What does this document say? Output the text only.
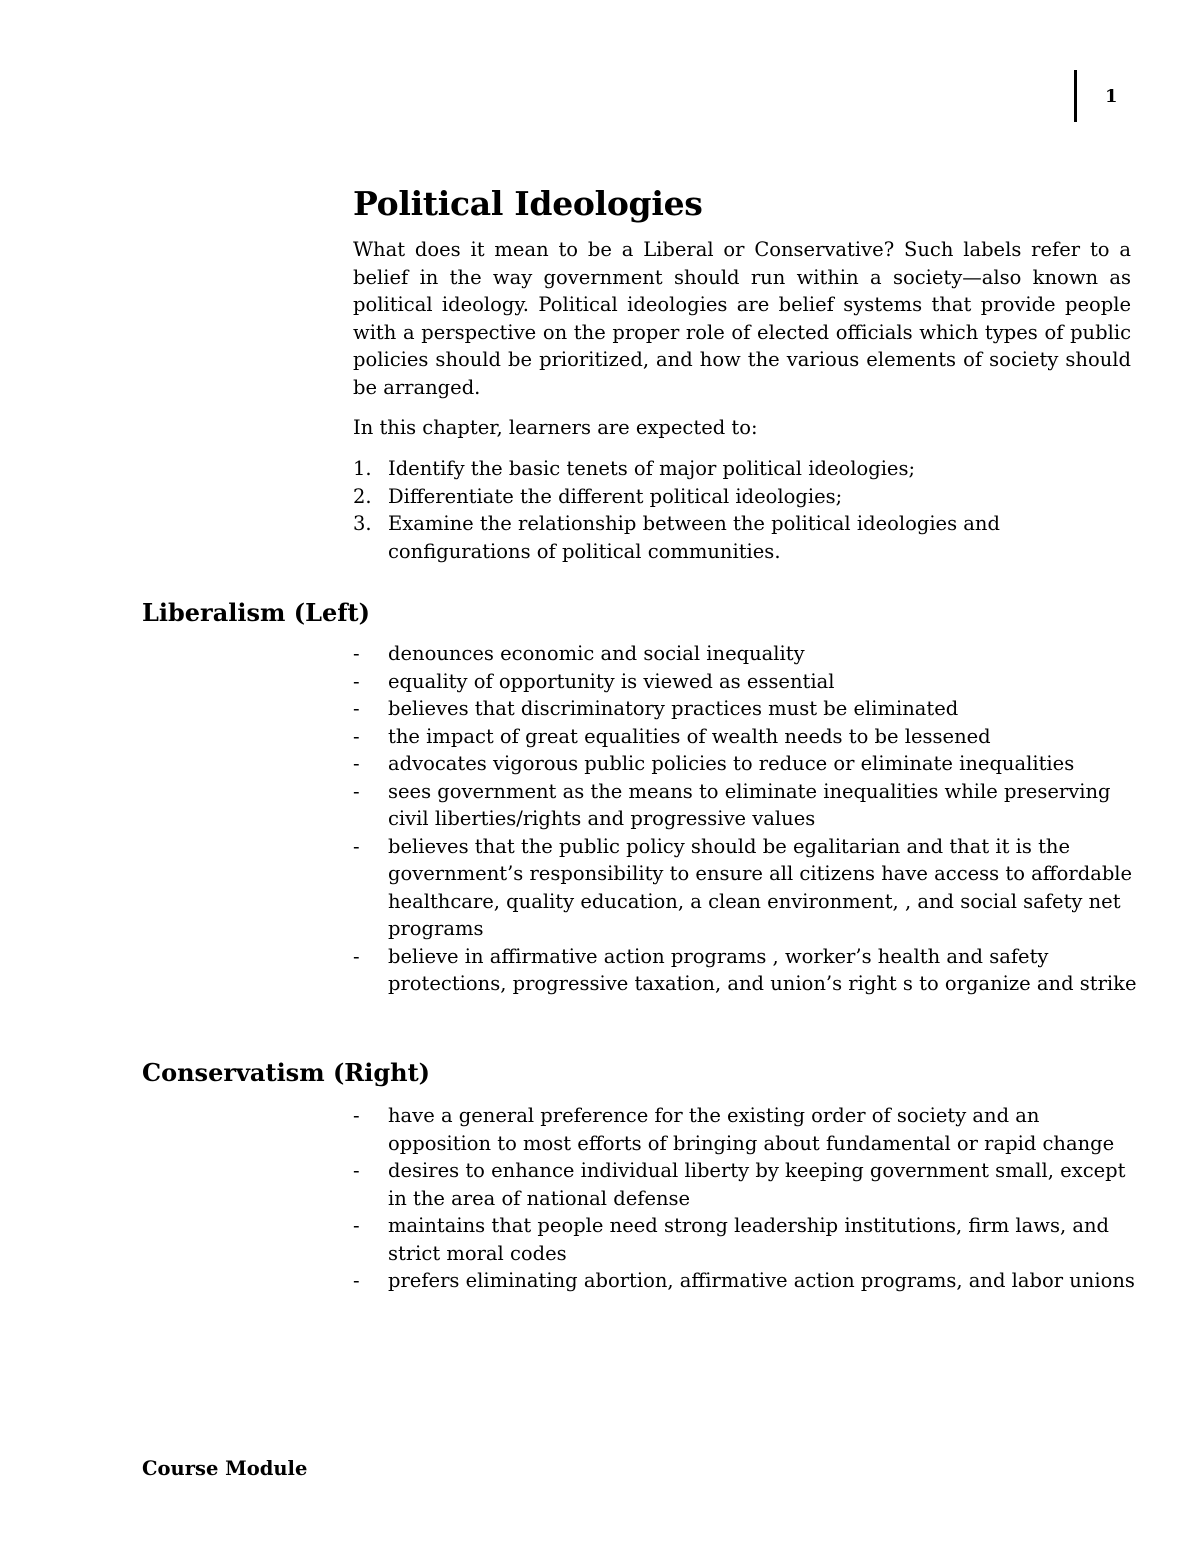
1
Political Ideologies

What does it mean to be a Liberal or Conservative? Such labels refer to a belief in the way government should run within a society—also known as political ideology. Political ideologies are belief systems that provide people with a perspective on the proper role of elected officials which types of public policies should be prioritized, and how the various elements of society should be arranged.

In this chapter, learners are expected to:

1. Identify the basic tenets of major political ideologies;
2. Differentiate the different political ideologies;
3. Examine the relationship between the political ideologies and configurations of political communities.
Liberalism (Left)
- denounces economic and social inequality
- equality of opportunity is viewed as essential
- believes that discriminatory practices must be eliminated
- the impact of great equalities of wealth needs to be lessened
- advocates vigorous public policies to reduce or eliminate inequalities
- sees government as the means to eliminate inequalities while preserving civil liberties/rights and progressive values
- believes that the public policy should be egalitarian and that it is the government’s responsibility to ensure all citizens have access to affordable healthcare, quality education, a clean environment, , and social safety net programs
- believe in affirmative action programs , worker’s health and safety protections, progressive taxation, and union’s right s to organize and strike
Conservatism (Right)
- have a general preference for the existing order of society and an opposition to most efforts of bringing about fundamental or rapid change
- desires to enhance individual liberty by keeping government small, except in the area of national defense
- maintains that people need strong leadership institutions, firm laws, and strict moral codes
- prefers eliminating abortion, affirmative action programs, and labor unions
Course Module
